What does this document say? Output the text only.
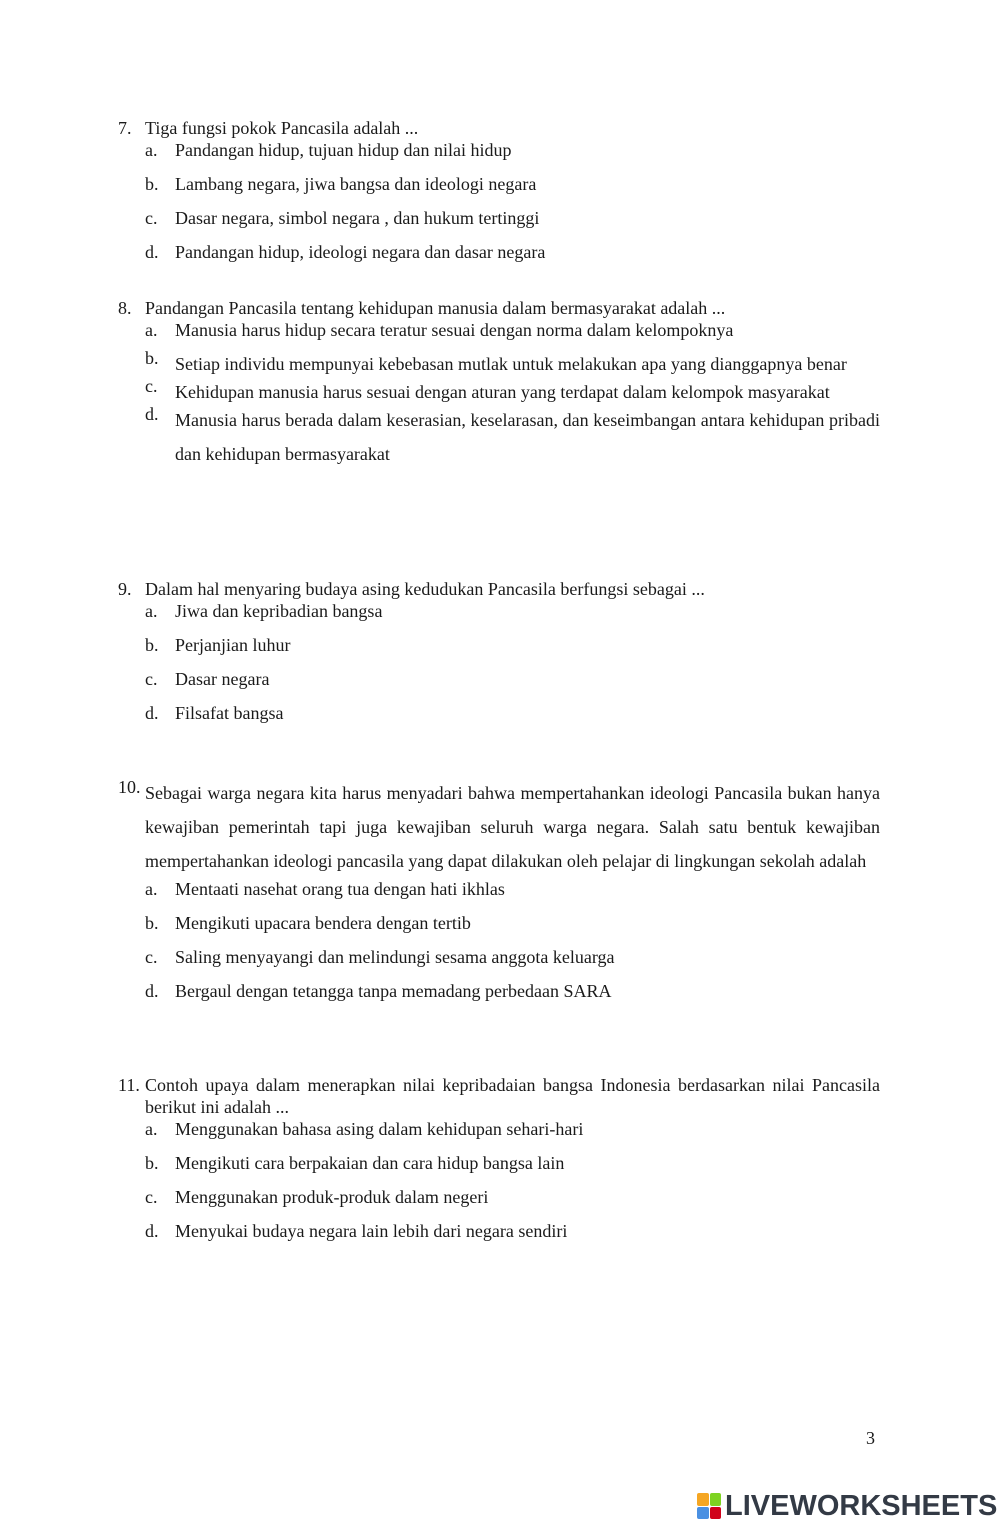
7. Tiga fungsi pokok Pancasila adalah ...
a. Pandangan hidup, tujuan hidup dan nilai hidup
b. Lambang negara, jiwa bangsa dan ideologi negara
c. Dasar negara, simbol negara , dan hukum tertinggi
d. Pandangan hidup, ideologi negara dan dasar negara
8. Pandangan Pancasila tentang kehidupan manusia dalam bermasyarakat adalah ...
a. Manusia harus hidup secara teratur sesuai dengan norma dalam kelompoknya
b. Setiap individu mempunyai kebebasan mutlak untuk melakukan apa yang dianggapnya benar
c. Kehidupan manusia harus sesuai dengan aturan yang terdapat dalam kelompok masyarakat
d. Manusia harus berada dalam keserasian, keselarasan, dan keseimbangan antara kehidupan pribadi dan kehidupan bermasyarakat
9. Dalam hal menyaring budaya asing kedudukan Pancasila berfungsi sebagai ...
a. Jiwa dan kepribadian bangsa
b. Perjanjian luhur
c. Dasar negara
d. Filsafat bangsa
10. Sebagai warga negara kita harus menyadari bahwa mempertahankan ideologi Pancasila bukan hanya kewajiban pemerintah tapi juga kewajiban seluruh warga negara. Salah satu bentuk kewajiban mempertahankan ideologi pancasila yang dapat dilakukan oleh pelajar di lingkungan sekolah adalah
a. Mentaati nasehat orang tua dengan hati ikhlas
b. Mengikuti upacara bendera dengan tertib
c. Saling menyayangi dan melindungi sesama anggota keluarga
d. Bergaul dengan tetangga tanpa memadang perbedaan SARA
11. Contoh upaya dalam menerapkan nilai kepribadaian bangsa Indonesia berdasarkan nilai Pancasila berikut ini adalah ...
a. Menggunakan bahasa asing dalam kehidupan sehari-hari
b. Mengikuti cara berpakaian dan cara hidup bangsa lain
c. Menggunakan produk-produk dalam negeri
d. Menyukai budaya negara lain lebih dari negara sendiri
3
LIVEWORKSHEETS
